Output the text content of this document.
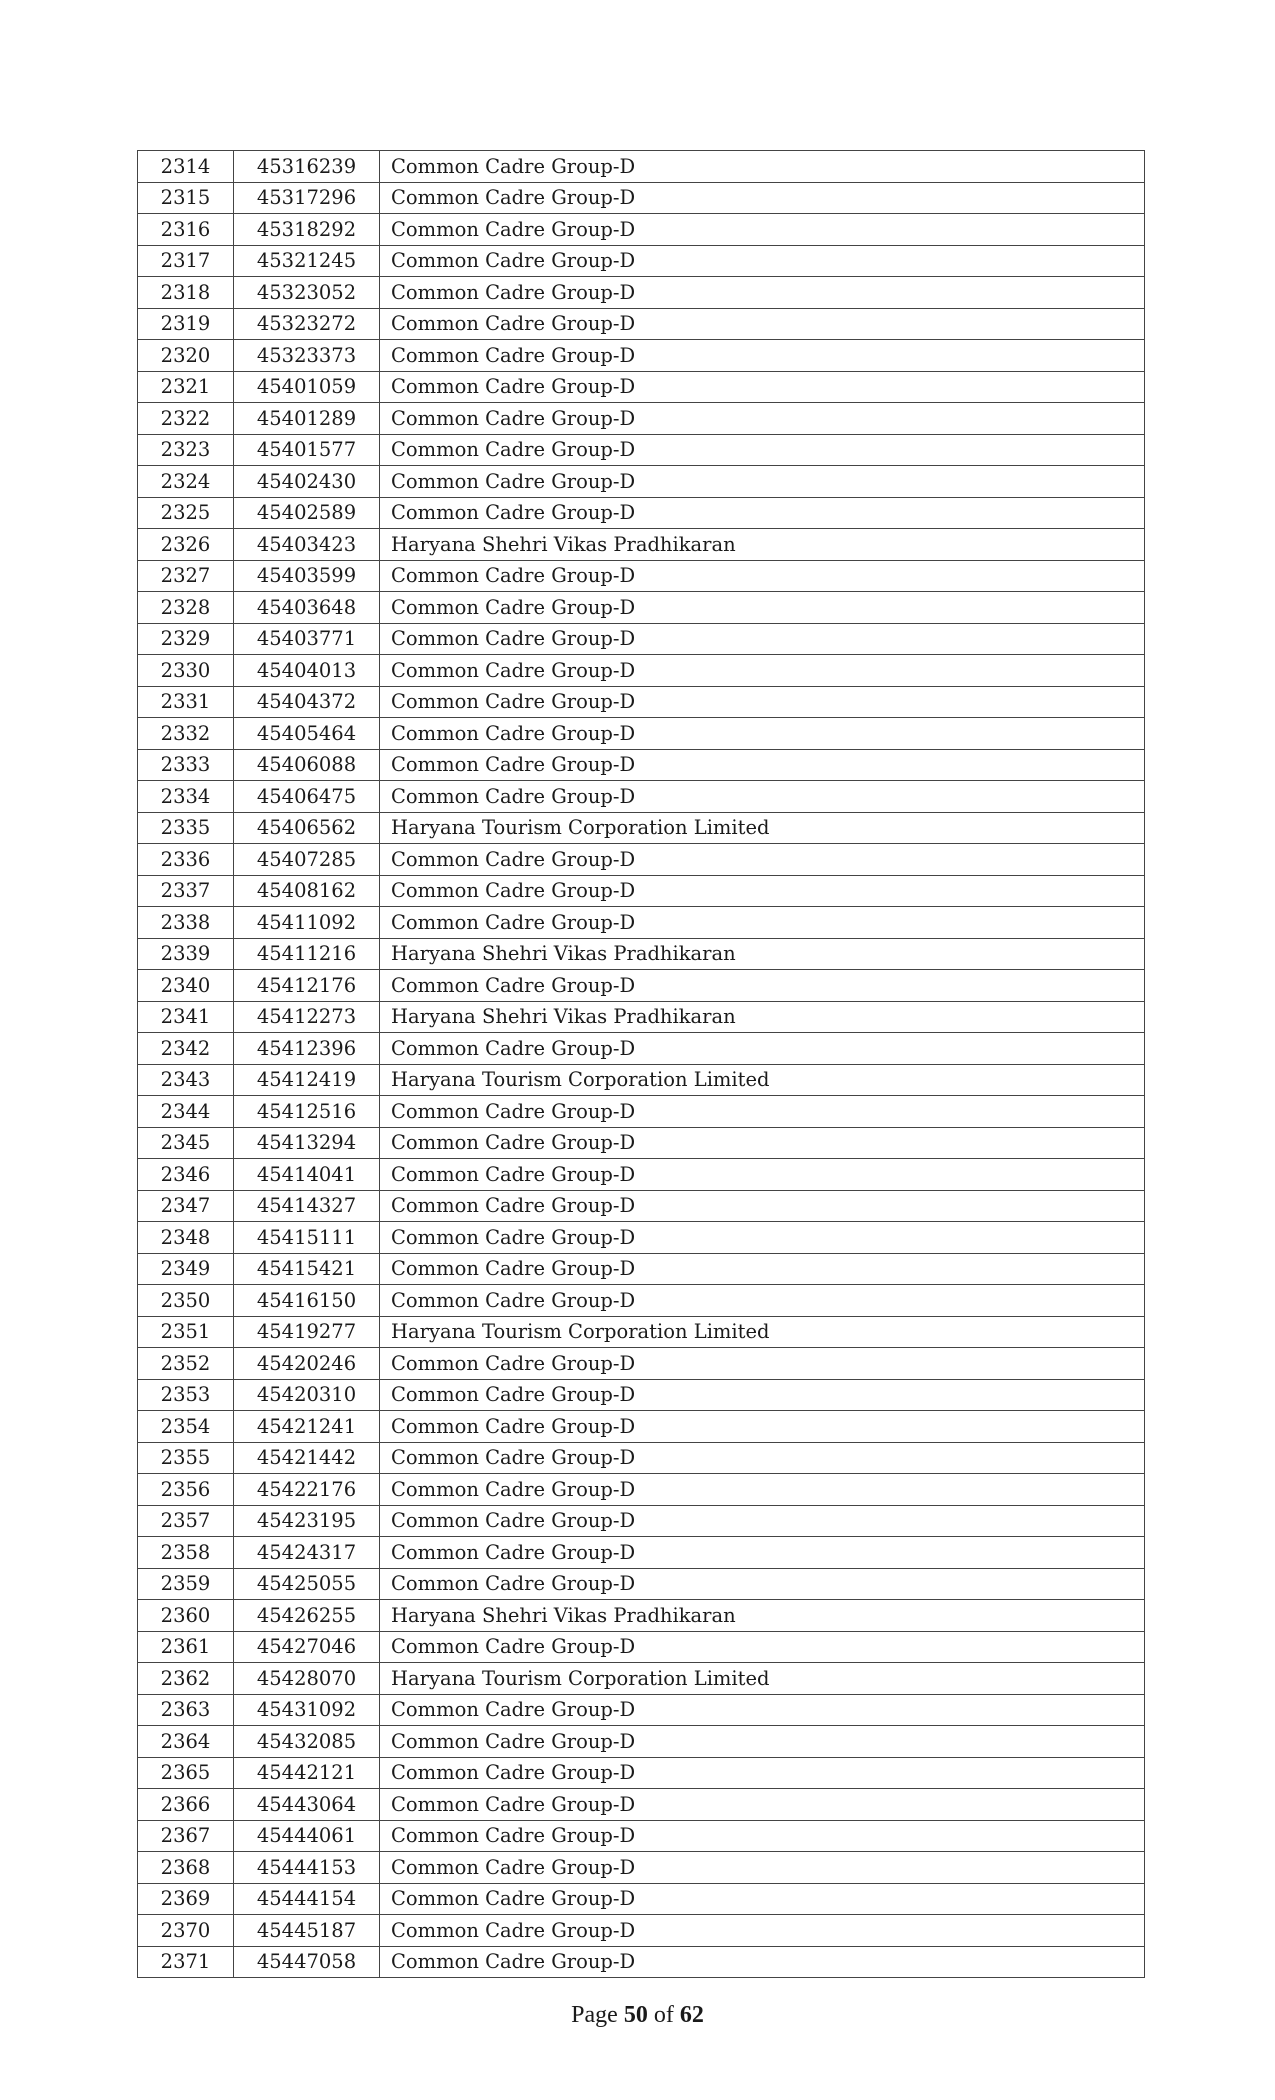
2314	45316239	Common Cadre Group-D
2315	45317296	Common Cadre Group-D
2316	45318292	Common Cadre Group-D
2317	45321245	Common Cadre Group-D
2318	45323052	Common Cadre Group-D
2319	45323272	Common Cadre Group-D
2320	45323373	Common Cadre Group-D
2321	45401059	Common Cadre Group-D
2322	45401289	Common Cadre Group-D
2323	45401577	Common Cadre Group-D
2324	45402430	Common Cadre Group-D
2325	45402589	Common Cadre Group-D
2326	45403423	Haryana Shehri Vikas Pradhikaran
2327	45403599	Common Cadre Group-D
2328	45403648	Common Cadre Group-D
2329	45403771	Common Cadre Group-D
2330	45404013	Common Cadre Group-D
2331	45404372	Common Cadre Group-D
2332	45405464	Common Cadre Group-D
2333	45406088	Common Cadre Group-D
2334	45406475	Common Cadre Group-D
2335	45406562	Haryana Tourism Corporation Limited
2336	45407285	Common Cadre Group-D
2337	45408162	Common Cadre Group-D
2338	45411092	Common Cadre Group-D
2339	45411216	Haryana Shehri Vikas Pradhikaran
2340	45412176	Common Cadre Group-D
2341	45412273	Haryana Shehri Vikas Pradhikaran
2342	45412396	Common Cadre Group-D
2343	45412419	Haryana Tourism Corporation Limited
2344	45412516	Common Cadre Group-D
2345	45413294	Common Cadre Group-D
2346	45414041	Common Cadre Group-D
2347	45414327	Common Cadre Group-D
2348	45415111	Common Cadre Group-D
2349	45415421	Common Cadre Group-D
2350	45416150	Common Cadre Group-D
2351	45419277	Haryana Tourism Corporation Limited
2352	45420246	Common Cadre Group-D
2353	45420310	Common Cadre Group-D
2354	45421241	Common Cadre Group-D
2355	45421442	Common Cadre Group-D
2356	45422176	Common Cadre Group-D
2357	45423195	Common Cadre Group-D
2358	45424317	Common Cadre Group-D
2359	45425055	Common Cadre Group-D
2360	45426255	Haryana Shehri Vikas Pradhikaran
2361	45427046	Common Cadre Group-D
2362	45428070	Haryana Tourism Corporation Limited
2363	45431092	Common Cadre Group-D
2364	45432085	Common Cadre Group-D
2365	45442121	Common Cadre Group-D
2366	45443064	Common Cadre Group-D
2367	45444061	Common Cadre Group-D
2368	45444153	Common Cadre Group-D
2369	45444154	Common Cadre Group-D
2370	45445187	Common Cadre Group-D
2371	45447058	Common Cadre Group-D
Page 50 of 62
